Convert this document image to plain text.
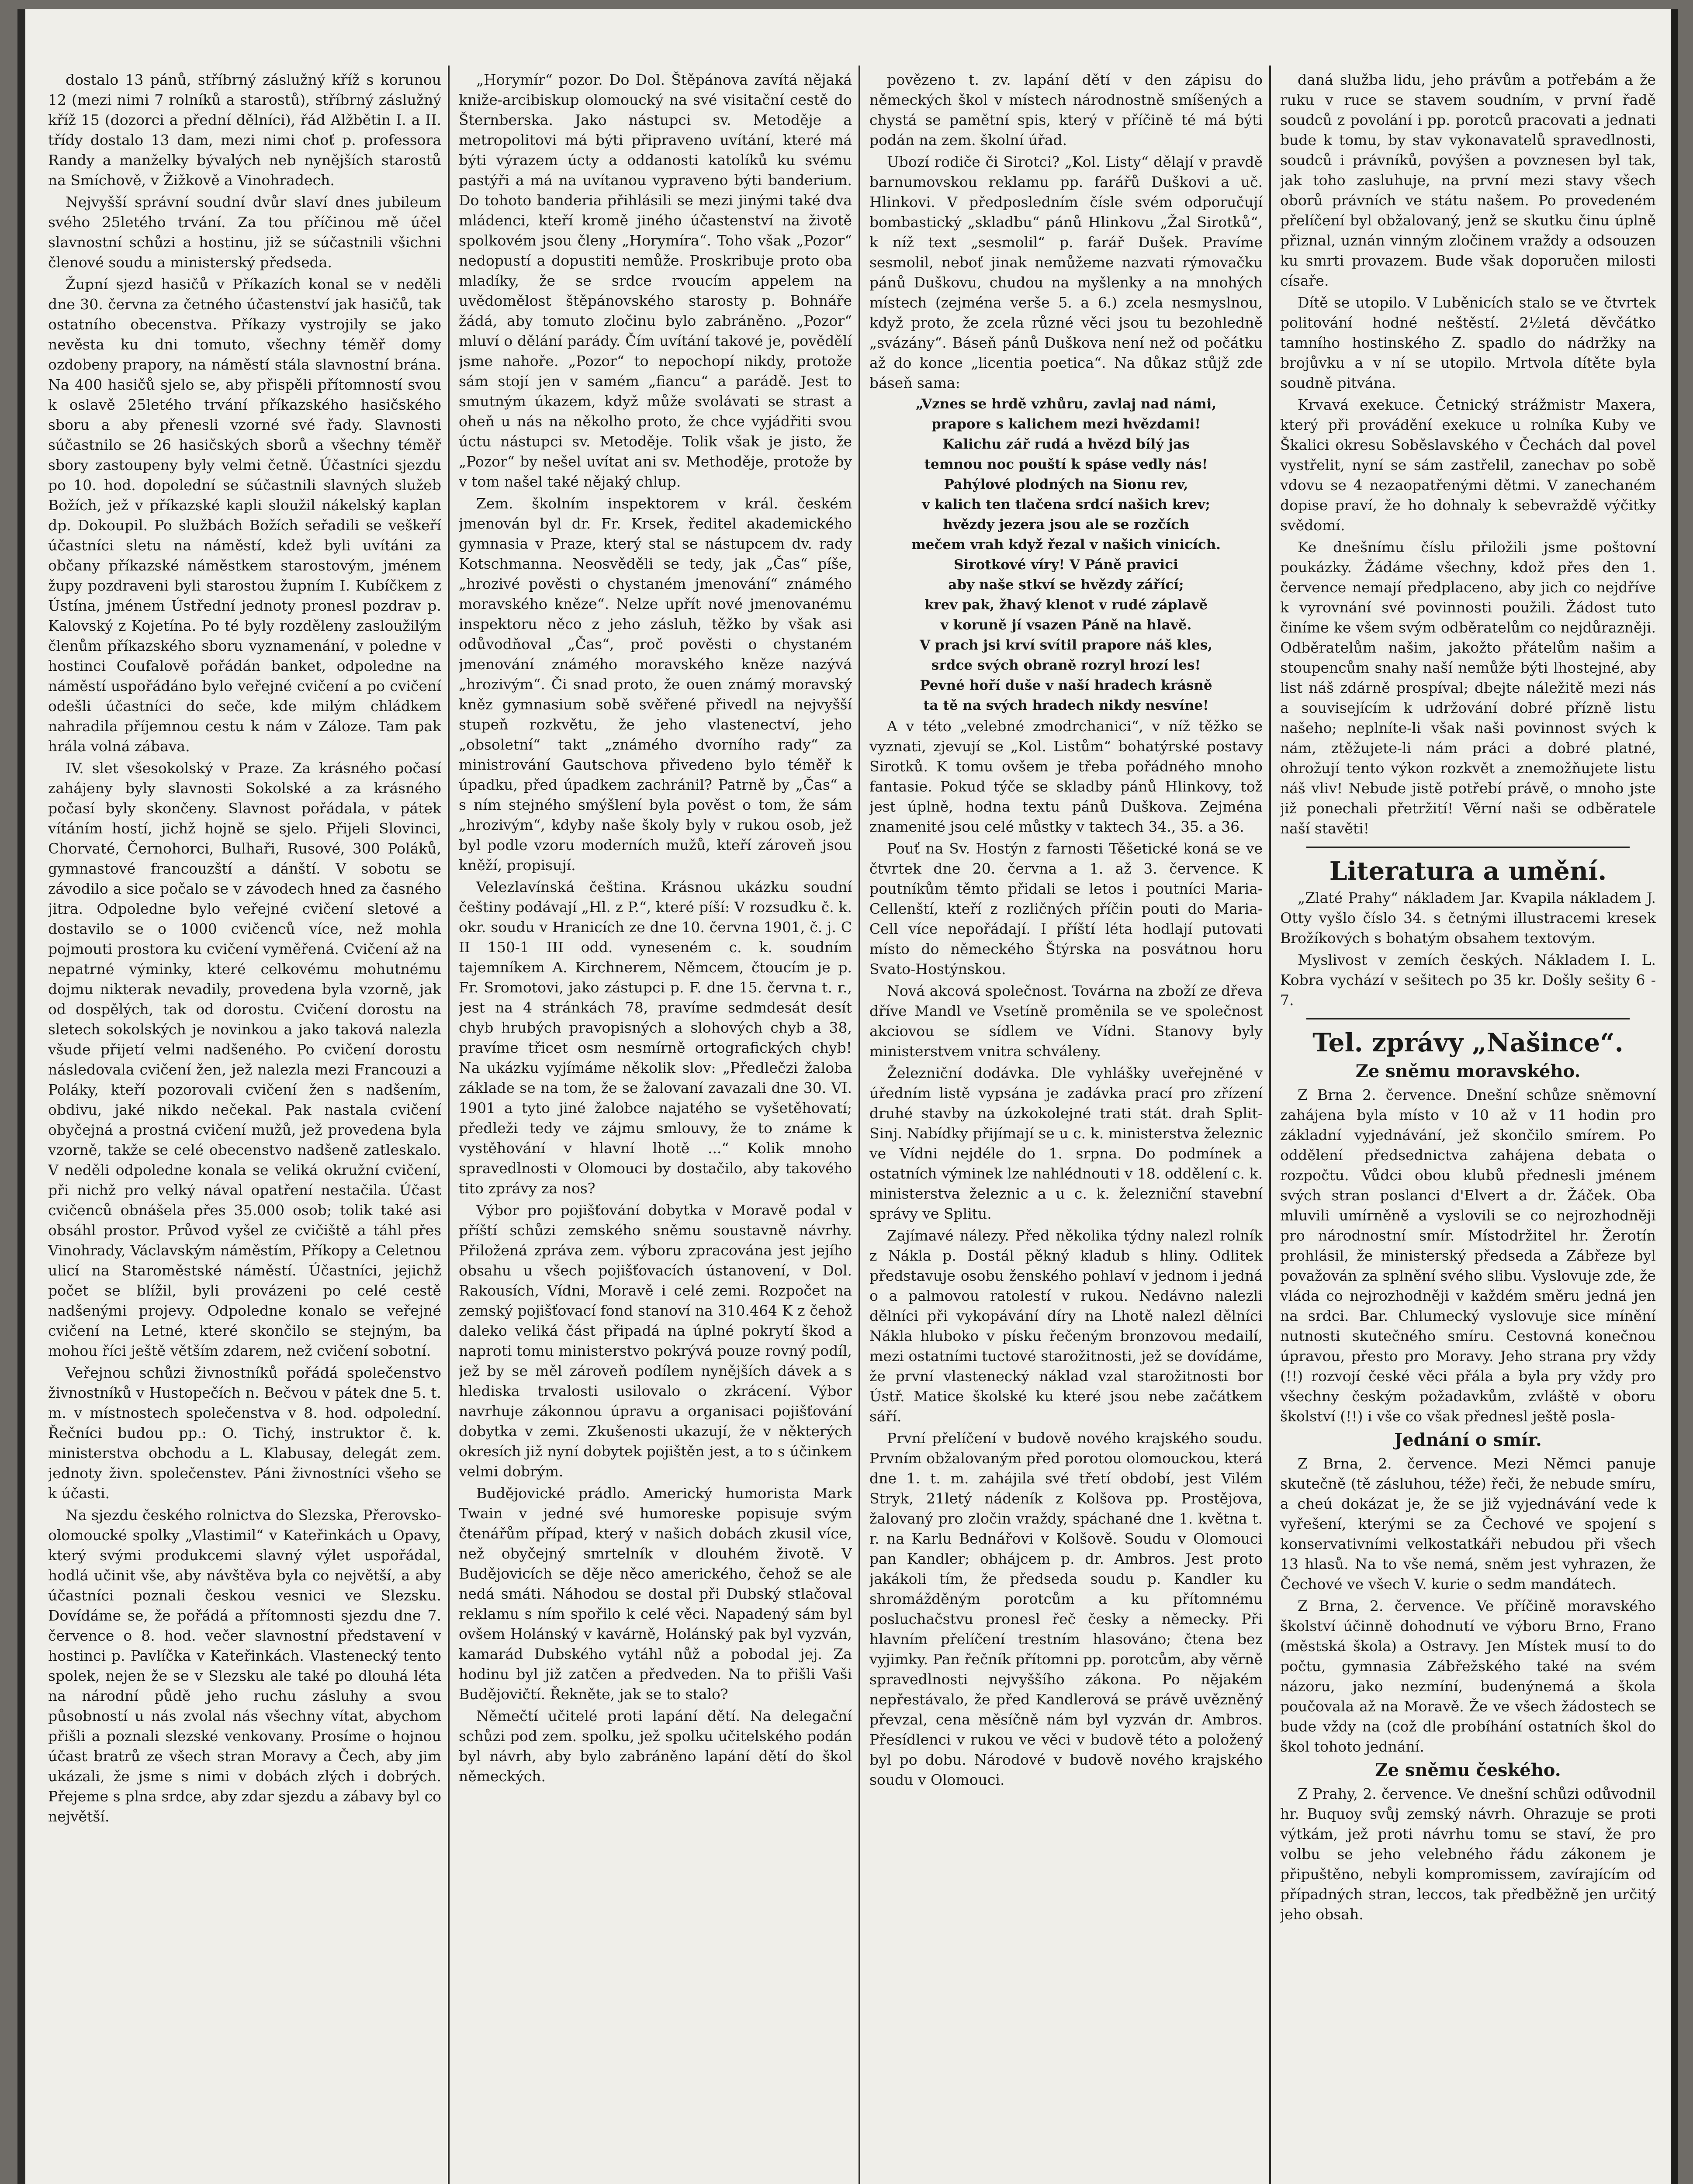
dostalo 13 pánů, stříbrný záslužný kříž s korunou 12 (mezi nimi 7 rolníků a starostů), stříbrný záslužný kříž 15 (dozorci a přední dělníci), řád Alžbětin I. a II. třídy dostalo 13 dam, mezi nimi choť p. professora Randy a manželky bývalých neb nynějších starostů na Smíchově, v Žižkově a Vinohradech.

Nejvyšší správní soudní dvůr slaví dnes jubileum svého 25letého trvání. Za tou příčinou mě účel slavnostní schůzi a hostinu, již se súčastnili všichni členové soudu a ministerský předseda.

Župní sjezd hasičů v Příkazích konal se v neděli dne 30. června za četného účastenství jak hasičů, tak ostatního obecenstva. Příkazy vystrojily se jako nevěsta ku dni tomuto, všechny téměř domy ozdobeny prapory, na náměstí stála slavnostní brána. Na 400 hasičů sjelo se, aby přispěli přítomností svou k oslavě 25letého trvání příkazského hasičského sboru a aby přenesli vzorné své řady. Slavnosti súčastnilo se 26 hasičských sborů a všechny téměř sbory zastoupeny byly velmi četně. Účastníci sjezdu po 10. hod. dopolední se súčastnili slavných služeb Božích, jež v příkazské kapli sloužil nákelský kaplan dp. Dokoupil. Po službách Božích seřadili se veškeří účastníci sletu na náměstí, kdež byli uvítáni za občany příkazské náměstkem starostovým, jménem župy pozdraveni byli starostou župním I. Kubíčkem z Ústína, jménem Ústřední jednoty pronesl pozdrav p. Kalovský z Kojetína. Po té byly rozděleny zasloužilým členům příkazského sboru vyznamenání, v poledne v hostinci Coufalově pořádán banket, odpoledne na náměstí uspořádáno bylo veřejné cvičení a po cvičení odešli účastníci do seče, kde milým chládkem nahradila příjemnou cestu k nám v Záloze. Tam pak hrála volná zábava.

IV. slet všesokolský v Praze. Za krásného počasí zahájeny byly slavnosti Sokolské a za krásného počasí byly skončeny. Slavnost pořádala, v pátek vítáním hostí, jichž hojně se sjelo. Přijeli Slovinci, Chorvaté, Černohorci, Bulhaři, Rusové, 300 Poláků, gymnastové francouzští a dánští. V sobotu se závodilo a sice počalo se v závodech hned za časného jitra. Odpoledne bylo veřejné cvičení sletové a dostavilo se o 1000 cvičenců více, než mohla pojmouti prostora ku cvičení vyměřená. Cvičení až na nepatrné výminky, které celkovému mohutnému dojmu nikterak nevadily, provedena byla vzorně, jak od dospělých, tak od dorostu. Cvičení dorostu na sletech sokolských je novinkou a jako taková nalezla všude přijetí velmi nadšeného. Po cvičení dorostu následovala cvičení žen, jež nalezla mezi Francouzi a Poláky, kteří pozorovali cvičení žen s nadšením, obdivu, jaké nikdo nečekal. Pak nastala cvičení obyčejná a prostná cvičení mužů, jež provedena byla vzorně, takže se celé obecenstvo nadšeně zatleskalo. V neděli odpoledne konala se veliká okružní cvičení, při nichž pro velký nával opatření nestačila. Účast cvičenců obnášela přes 35.000 osob; tolik také asi obsáhl prostor. Průvod vyšel ze cvičiště a táhl přes Vinohrady, Václavským náměstím, Příkopy a Celetnou ulicí na Staroměstské náměstí. Účastníci, jejichž počet se blížil, byli provázeni po celé cestě nadšenými projevy. Odpoledne konalo se veřejné cvičení na Letné, které skončilo se stejným, ba mohou říci ještě větším zdarem, než cvičení sobotní.

Veřejnou schůzi živnostníků pořádá společenstvo živnostníků v Hustopečích n. Bečvou v pátek dne 5. t. m. v místnostech společenstva v 8. hod. odpolední. Řečníci budou pp.: O. Tichý, instruktor č. k. ministerstva obchodu a L. Klabusay, delegát zem. jednoty živn. společenstev. Páni živnostníci všeho se k účasti.

Na sjezdu českého rolnictva do Slezska, Přerovsko-olomoucké spolky „Vlastimil“ v Kateřinkách u Opavy, který svými produkcemi slavný výlet uspořádal, hodlá učinit vše, aby návštěva byla co největší, a aby účastníci poznali českou vesnici ve Slezsku. Dovídáme se, že pořádá a přítomnosti sjezdu dne 7. července o 8. hod. večer slavnostní představení v hostinci p. Pavlíčka v Kateřinkách. Vlastenecký tento spolek, nejen že se v Slezsku ale také po dlouhá léta na národní půdě jeho ruchu zásluhy a svou působností u nás zvolal nás všechny vítat, abychom přišli a poznali slezské venkovany. Prosíme o hojnou účast bratrů ze všech stran Moravy a Čech, aby jim ukázali, že jsme s nimi v dobách zlých i dobrých. Přejeme s plna srdce, aby zdar sjezdu a zábavy byl co největší.

„Horymír“ pozor. Do Dol. Štěpánova zavítá nějaká kniže-arcibiskup olomoucký na své visitační cestě do Šternberska. Jako nástupci sv. Metoděje a metropolitovi má býti připraveno uvítání, které má býti výrazem úcty a oddanosti katolíků ku svému pastýři a má na uvítanou vypraveno býti banderium. Do tohoto banderia přihlásili se mezi jinými také dva mládenci, kteří kromě jiného účastenství na životě spolkovém jsou členy „Horymíra“. Toho však „Pozor“ nedopustí a dopustiti nemůže. Proskribuje proto oba mladíky, že se srdce rvoucím appelem na uvědomělost štěpánovského starosty p. Bohnáře žádá, aby tomuto zločinu bylo zabráněno. „Pozor“ mluví o dělání parády. Čím uvítání takové je, povědělí jsme nahoře. „Pozor“ to nepochopí nikdy, protože sám stojí jen v samém „fiancu“ a parádě. Jest to smutným úkazem, když může svolávati se strast a oheň u nás na několho proto, že chce vyjádřiti svou úctu nástupci sv. Metoděje. Tolik však je jisto, že „Pozor“ by nešel uvítat ani sv. Methoděje, protože by v tom našel také nějaký chlup.

Zem. školním inspektorem v král. českém jmenován byl dr. Fr. Krsek, ředitel akademického gymnasia v Praze, který stal se nástupcem dv. rady Kotschmanna. Neosvěděli se tedy, jak „Čas“ píše, „hrozivé pověsti o chystaném jmenování“ známého moravského kněze“. Nelze upřít nové jmenovanému inspektoru něco z jeho zásluh, těžko by však asi odůvodňoval „Čas“, proč pověsti o chystaném jmenování známého moravského kněze nazývá „hrozivým“. Či snad proto, že ouen známý moravský kněz gymnasium sobě svěřené přivedl na nejvyšší stupeň rozkvětu, že jeho vlastenectví, jeho „obsoletní“ takt „známého dvorního rady“ za ministrování Gautschova přivedeno bylo téměř k úpadku, před úpadkem zachránil? Patrně by „Čas“ a s ním stejného smýšlení byla pověst o tom, že sám „hrozivým“, kdyby naše školy byly v rukou osob, jež byl podle vzoru moderních mužů, kteří zároveň jsou kněží, propisují.

Velezlavínská čeština. Krásnou ukázku soudní češtiny podávají „Hl. z P.“, které píší: V rozsudku č. k. okr. soudu v Hranicích ze dne 10. června 1901, č. j. C II 150-1 III odd. vyneseném c. k. soudním tajemníkem A. Kirchnerem, Němcem, čtoucím je p. Fr. Sromotovi, jako zástupci p. F. dne 15. června t. r., jest na 4 stránkách 78, pravíme sedmdesát desít chyb hrubých pravopisných a slohových chyb a 38, pravíme třicet osm nesmírně ortografických chyb! Na ukázku vyjímáme několik slov: „Předlečzi žaloba základe se na tom, že se žalovaní zavazali dne 30. VI. 1901 a tyto jiné žalobce najatého se vyšetěhovatí; předleži tedy ve zájmu smlouvy, že to známe k vystěhování v hlavní lhotě ...“ Kolik mnoho spravedlnosti v Olomouci by dostačilo, aby takového tito zprávy za nos?

Výbor pro pojišťování dobytka v Moravě podal v příští schůzi zemského sněmu soustavně návrhy. Přiložená zpráva zem. výboru zpracována jest jejího obsahu u všech pojišťovacích ústanovení, v Dol. Rakousích, Vídni, Moravě i celé zemi. Rozpočet na zemský pojišťovací fond stanoví na 310.464 K z čehož daleko veliká část připadá na úplné pokrytí škod a naproti tomu ministerstvo pokrývá pouze rovný podíl, jež by se měl zároveň podílem nynějších dávek a s hlediska trvalosti usilovalo o zkrácení. Výbor navrhuje zákonnou úpravu a organisaci pojišťování dobytka v zemi. Zkušenosti ukazují, že v některých okresích již nyní dobytek pojištěn jest, a to s účinkem velmi dobrým.

Budějovické prádlo. Americký humorista Mark Twain v jedné své humoreske popisuje svým čtenářům případ, který v našich dobách zkusil více, než obyčejný smrtelník v dlouhém životě. V Budějovicích se děje něco amerického, čehož se ale nedá smáti. Náhodou se dostal při Dubský stlačoval reklamu s ním spořilo k celé věci. Napadený sám byl ovšem Holánský v kavárně, Holánský pak byl vyzván, kamarád Dubského vytáhl nůž a pobodal jej. Za hodinu byl již zatčen a předveden. Na to přišli Vaši Budějovičtí. Řekněte, jak se to stalo?

Němečtí učitelé proti lapání dětí. Na delegační schůzi pod zem. spolku, jež spolku učitelského podán byl návrh, aby bylo zabráněno lapání dětí do škol německých.

povězeno t. zv. lapání dětí v den zápisu do německých škol v místech národnostně smíšených a chystá se pamětní spis, který v příčině té má býti podán na zem. školní úřad.

Ubozí rodiče či Sirotci? „Kol. Listy“ dělají v pravdě barnumovskou reklamu pp. farářů Duškovi a uč. Hlinkovi. V předposledním čísle svém odporučují bombastický „skladbu“ pánů Hlinkovu „Žal Sirotků“, k níž text „sesmolil“ p. farář Dušek. Pravíme sesmolil, neboť jinak nemůžeme nazvati rýmovačku pánů Duškovu, chudou na myšlenky a na mnohých místech (zejména verše 5. a 6.) zcela nesmyslnou, když proto, že zcela různé věci jsou tu bezohledně „svázány“. Báseň pánů Duškova není než od počátku až do konce „licentia poetica“. Na důkaz stůjž zde báseň sama:

„Vznes se hrdě vzhůru, zavlaj nad námi,

prapore s kalichem mezi hvězdami!

Kalichu zář rudá a hvězd bílý jas

temnou noc pouští k spáse vedly nás!

Pahýlové plodných na Sionu rev,

v kalich ten tlačena srdcí našich krev;

hvězdy jezera jsou ale se rozčích

mečem vrah když řezal v našich vinicích.

Sirotkové víry! V Páně pravici

aby naše stkví se hvězdy zářící;

krev pak, žhavý klenot v rudé záplavě

v koruně jí vsazen Páně na hlavě.

V prach jsi krví svítil prapore náš kles,

srdce svých obraně rozryl hrozí les!

Pevné hoří duše v naší hradech krásně

ta tě na svých hradech nikdy nesvíne!

A v této „velebné zmodrchanici“, v níž těžko se vyznati, zjevují se „Kol. Listům“ bohatýrské postavy Sirotků. K tomu ovšem je třeba pořádného mnoho fantasie. Pokud týče se skladby pánů Hlinkovy, tož jest úplně, hodna textu pánů Duškova. Zejména znamenité jsou celé můstky v taktech 34., 35. a 36.

Pouť na Sv. Hostýn z farnosti Těšetické koná se ve čtvrtek dne 20. června a 1. až 3. července. K poutníkům těmto přidali se letos i poutníci Maria-Cellenští, kteří z rozličných příčin pouti do Maria-Cell více nepořádají. I příští léta hodlají putovati místo do německého Štýrska na posvátnou horu Svato-Hostýnskou.

Nová akcová společnost. Továrna na zboží ze dřeva dříve Mandl ve Vsetíně proměnila se ve společnost akciovou se sídlem ve Vídni. Stanovy byly ministerstvem vnitra schváleny.

Železniční dodávka. Dle vyhlášky uveřejněné v úředním listě vypsána je zadávka prací pro zřízení druhé stavby na úzkokolejné trati stát. drah Split-Sinj. Nabídky přijímají se u c. k. ministerstva železnic ve Vídni nejdéle do 1. srpna. Do podmínek a ostatních výminek lze nahlédnouti v 18. oddělení c. k. ministerstva železnic a u c. k. železniční stavební správy ve Splitu.

Zajímavé nálezy. Před několika týdny nalezl rolník z Nákla p. Dostál pěkný kladub s hliny. Odlitek představuje osobu ženského pohlaví v jednom i jedná o a palmovou ratolestí v rukou. Nedávno nalezli dělníci při vykopávání díry na Lhotě nalezl dělníci Nákla hluboko v písku řečeným bronzovou medailí, mezi ostatními tuctové starožitnosti, jež se dovídáme, že první vlastenecký náklad vzal starožitnosti bor Ústř. Matice školské ku které jsou nebe začátkem sáří.

První přelíčení v budově nového krajského soudu. Prvním obžalovaným před porotou olomouckou, která dne 1. t. m. zahájila své třetí období, jest Vilém Stryk, 21letý nádeník z Kolšova pp. Prostějova, žalovaný pro zločin vraždy, spáchané dne 1. května t. r. na Karlu Bednářovi v Kolšově. Soudu v Olomouci pan Kandler; obhájcem p. dr. Ambros. Jest proto jakákoli tím, že předseda soudu p. Kandler ku shromážděným porotcům a ku přítomnému posluchačstvu pronesl řeč česky a německy. Při hlavním přelíčení trestním hlasováno; čtena bez vyjimky. Pan řečník přítomni pp. porotcům, aby věrně spravedlnosti nejvyššího zákona. Po nějakém nepřestávalo, že před Kandlerová se právě uvězněný převzal, cena měsíčně nám byl vyzván dr. Ambros. Přesídlenci v rukou ve věci v budově této a položený byl po dobu. Národové v budově nového krajského soudu v Olomouci.

daná služba lidu, jeho právům a potřebám a že ruku v ruce se stavem soudním, v první řadě soudců z povolání i pp. porotců pracovati a jednati bude k tomu, by stav vykonavatelů spravedlnosti, soudců i právníků, povýšen a povznesen byl tak, jak toho zasluhuje, na první mezi stavy všech oborů právních ve státu našem. Po provedeném přelíčení byl obžalovaný, jenž se skutku činu úplně přiznal, uznán vinným zločinem vraždy a odsouzen ku smrti provazem. Bude však doporučen milosti císaře.

Dítě se utopilo. V Luběnicích stalo se ve čtvrtek politování hodné neštěstí. 2½letá děvčátko tamního hostinského Z. spadlo do nádržky na brojůvku a v ní se utopilo. Mrtvola dítěte byla soudně pitvána.

Krvavá exekuce. Četnický strážmistr Maxera, který při provádění exekuce u rolníka Kuby ve Škalici okresu Soběslavského v Čechách dal povel vystřelit, nyní se sám zastřelil, zanechav po sobě vdovu se 4 nezaopatřenými dětmi. V zanechaném dopise praví, že ho dohnaly k sebevraždě výčitky svědomí.

Ke dnešnímu číslu přiložili jsme poštovní poukázky. Žádáme všechny, kdož přes den 1. července nemají předplaceno, aby jich co nejdříve k vyrovnání své povinnosti použili. Žádost tuto činíme ke všem svým odběratelům co nejdůrazněji. Odběratelům našim, jakožto přátelům našim a stoupencům snahy naší nemůže býti lhostejné, aby list náš zdárně prospíval; dbejte náležitě mezi nás a souvisejícím k udržování dobré přízně listu našeho; neplníte-li však naši povinnost svých k nám, ztěžujete-li nám práci a dobré platné, ohrožují tento výkon rozkvět a znemožňujete listu náš vliv! Nebude jistě potřebí právě, o mnoho jste již ponechali přetržití! Věrní naši se odběratele naší stavěti!

Literatura a umění.

„Zlaté Prahy“ nákladem Jar. Kvapila nákladem J. Otty vyšlo číslo 34. s četnými illustracemi kresek Brožíkových s bohatým obsahem textovým.

Myslivost v zemích českých. Nákladem I. L. Kobra vychází v sešitech po 35 kr. Došly sešity 6 - 7.

Tel. zprávy „Našince“.

Ze sněmu moravského.

Z Brna 2. července. Dnešní schůze sněmovní zahájena byla místo v 10 až v 11 hodin pro základní vyjednávání, jež skončilo smírem. Po oddělení předsednictva zahájena debata o rozpočtu. Vůdci obou klubů přednesli jménem svých stran poslanci d'Elvert a dr. Žáček. Oba mluvili umírněně a vyslovili se co nejrozhodněji pro národnostní smír. Místodržitel hr. Žerotín prohlásil, že ministerský předseda a Zábřeze byl považován za splnění svého slibu. Vyslovuje zde, že vláda co nejrozhodněji v každém směru jedná jen na srdci. Bar. Chlumecký vyslovuje sice mínění nutnosti skutečného smíru. Cestovná konečnou úpravou, přesto pro Moravy. Jeho strana pry vždy (!!) rozvojí české věci přála a byla pry vždy pro všechny českým požadavkům, zvláště v oboru školství (!!) i vše co však přednesl ještě posla-

Jednání o smír.

Z Brna, 2. července. Mezi Němci panuje skutečně (tě zásluhou, téže) řeči, že nebude smíru, a cheú dokázat je, že se již vyjednávání vede k vyřešení, kterými se za Čechové ve spojení s konservativními velkostatkáři nebudou při všech 13 hlasů. Na to vše nemá, sněm jest vyhrazen, že Čechové ve všech V. kurie o sedm mandátech.

Z Brna, 2. července. Ve příčině moravského školství účinně dohodnutí ve výboru Brno, Frano (městská škola) a Ostravy. Jen Místek musí to do počtu, gymnasia Zábřežského také na svém názoru, jako nezmíní, budenýnemá a škola poučovala až na Moravě. Že ve všech žádostech se bude vždy na (což dle probíhání ostatních škol do škol tohoto jednání.

Ze sněmu českého.

Z Prahy, 2. července. Ve dnešní schůzi odůvodnil hr. Buquoy svůj zemský návrh. Ohrazuje se proti výtkám, jež proti návrhu tomu se staví, že pro volbu se jeho velebného řádu zákonem je připuštěno, nebyli kompromissem, zavírajícím od případných stran, leccos, tak předběžně jen určitý jeho obsah.
